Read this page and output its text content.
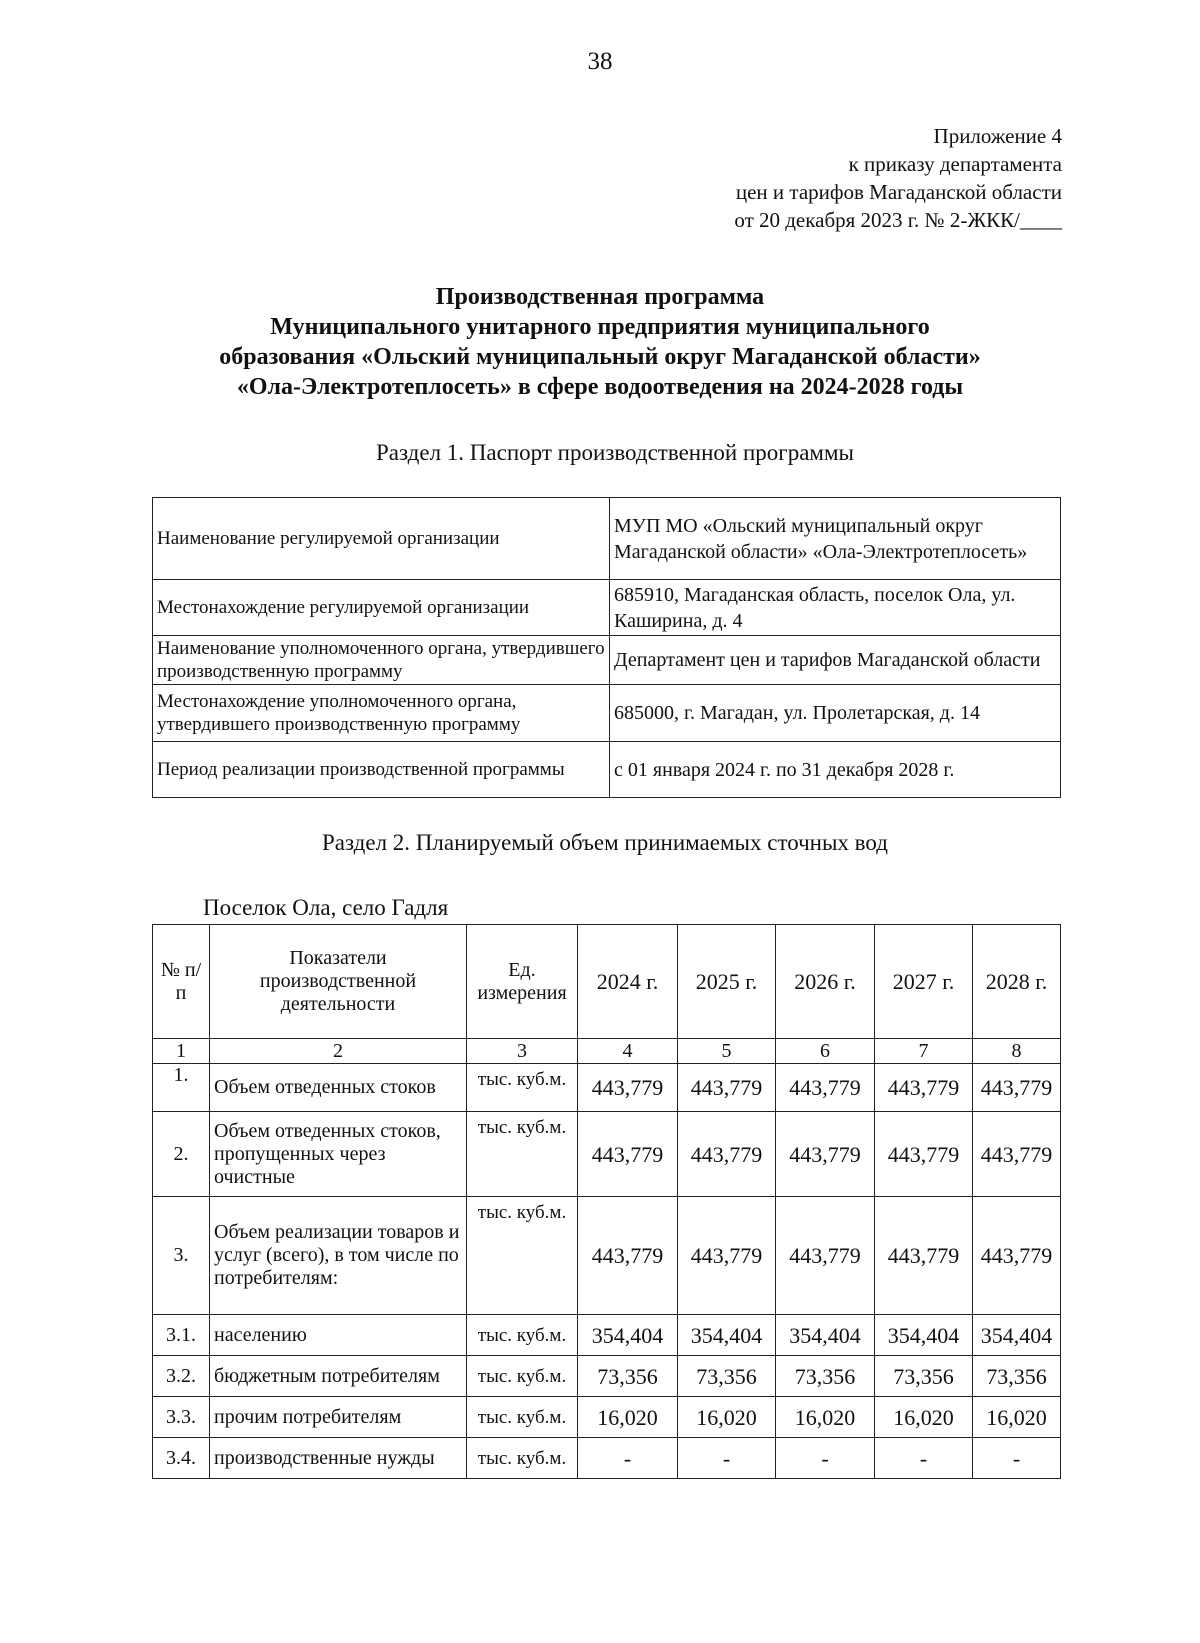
38
Приложение 4
к приказу департамента
цен и тарифов Магаданской области
от 20 декабря 2023 г. № 2-ЖКК/____
Производственная программа
Муниципального унитарного предприятия муниципального
образования «Ольский муниципальный округ Магаданской области»
«Ола-Электротеплосеть» в сфере водоотведения на 2024-2028 годы
Раздел 1. Паспорт производственной программы
Наименование регулируемой организации	МУП МО «Ольский муниципальный округ Магаданской области» «Ола-Электротеплосеть»
Местонахождение регулируемой организации	685910, Магаданская область, поселок Ола, ул. Каширина, д. 4
Наименование уполномоченного органа, утвердившего производственную программу	Департамент цен и тарифов Магаданской области
Местонахождение уполномоченного органа, утвердившего производственную программу	685000, г. Магадан, ул. Пролетарская, д. 14
Период реализации производственной программы	с 01 января 2024 г. по 31 декабря 2028 г.
Раздел 2. Планируемый объем принимаемых сточных вод
Поселок Ола, село Гадля
№ п/п	Показатели производственной деятельности	Ед. измерения	2024 г.	2025 г.	2026 г.	2027 г.	2028 г.
1	2	3	4	5	6	7	8
1.	Объем отведенных стоков	тыс. куб.м.	443,779	443,779	443,779	443,779	443,779
2.	Объем отведенных стоков, пропущенных через очистные	тыс. куб.м.	443,779	443,779	443,779	443,779	443,779
3.	Объем реализации товаров и услуг (всего), в том числе по потребителям:	тыс. куб.м.	443,779	443,779	443,779	443,779	443,779
3.1.	населению	тыс. куб.м.	354,404	354,404	354,404	354,404	354,404
3.2.	бюджетным потребителям	тыс. куб.м.	73,356	73,356	73,356	73,356	73,356
3.3.	прочим потребителям	тыс. куб.м.	16,020	16,020	16,020	16,020	16,020
3.4.	производственные нужды	тыс. куб.м.	-	-	-	-	-
